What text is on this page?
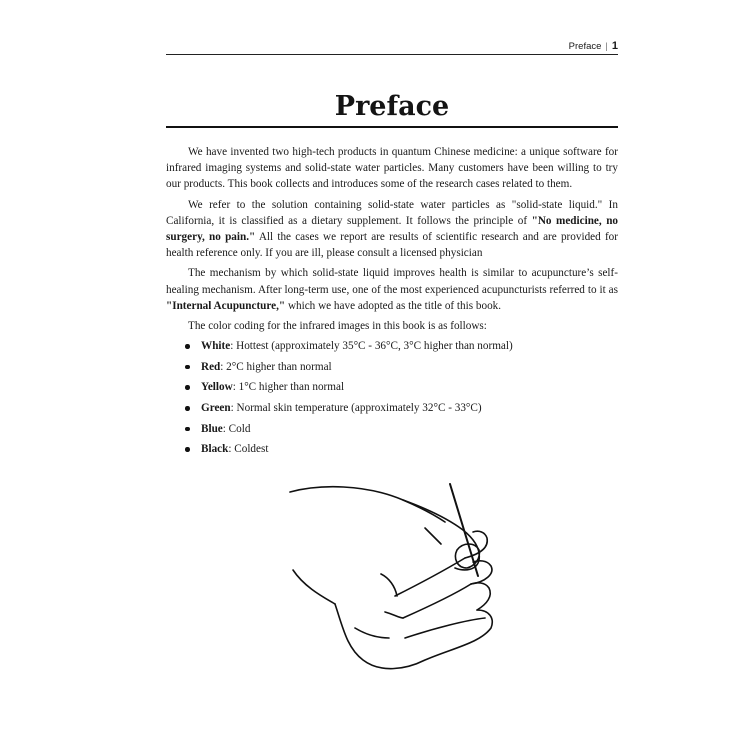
Preface | 1
Preface

We have invented two high-tech products in quantum Chinese medicine: a unique software for infrared imaging systems and solid-state water particles. Many customers have been willing to try our products. This book collects and introduces some of the research cases related to them.

We refer to the solution containing solid-state water particles as "solid-state liquid." In California, it is classified as a dietary supplement. It follows the principle of "No medicine, no surgery, no pain." All the cases we report are results of scientific research and are provided for health reference only. If you are ill, please consult a licensed physician

The mechanism by which solid-state liquid improves health is similar to acupuncture’s self-healing mechanism. After long-term use, one of the most experienced acupuncturists referred to it as "Internal Acupuncture," which we have adopted as the title of this book.

The color coding for the infrared images in this book is as follows:

White: Hottest (approximately 35°C - 36°C, 3°C higher than normal)
Red: 2°C higher than normal
Yellow: 1°C higher than normal
Green: Normal skin temperature (approximately 32°C - 33°C)
Blue: Cold
Black: Coldest
